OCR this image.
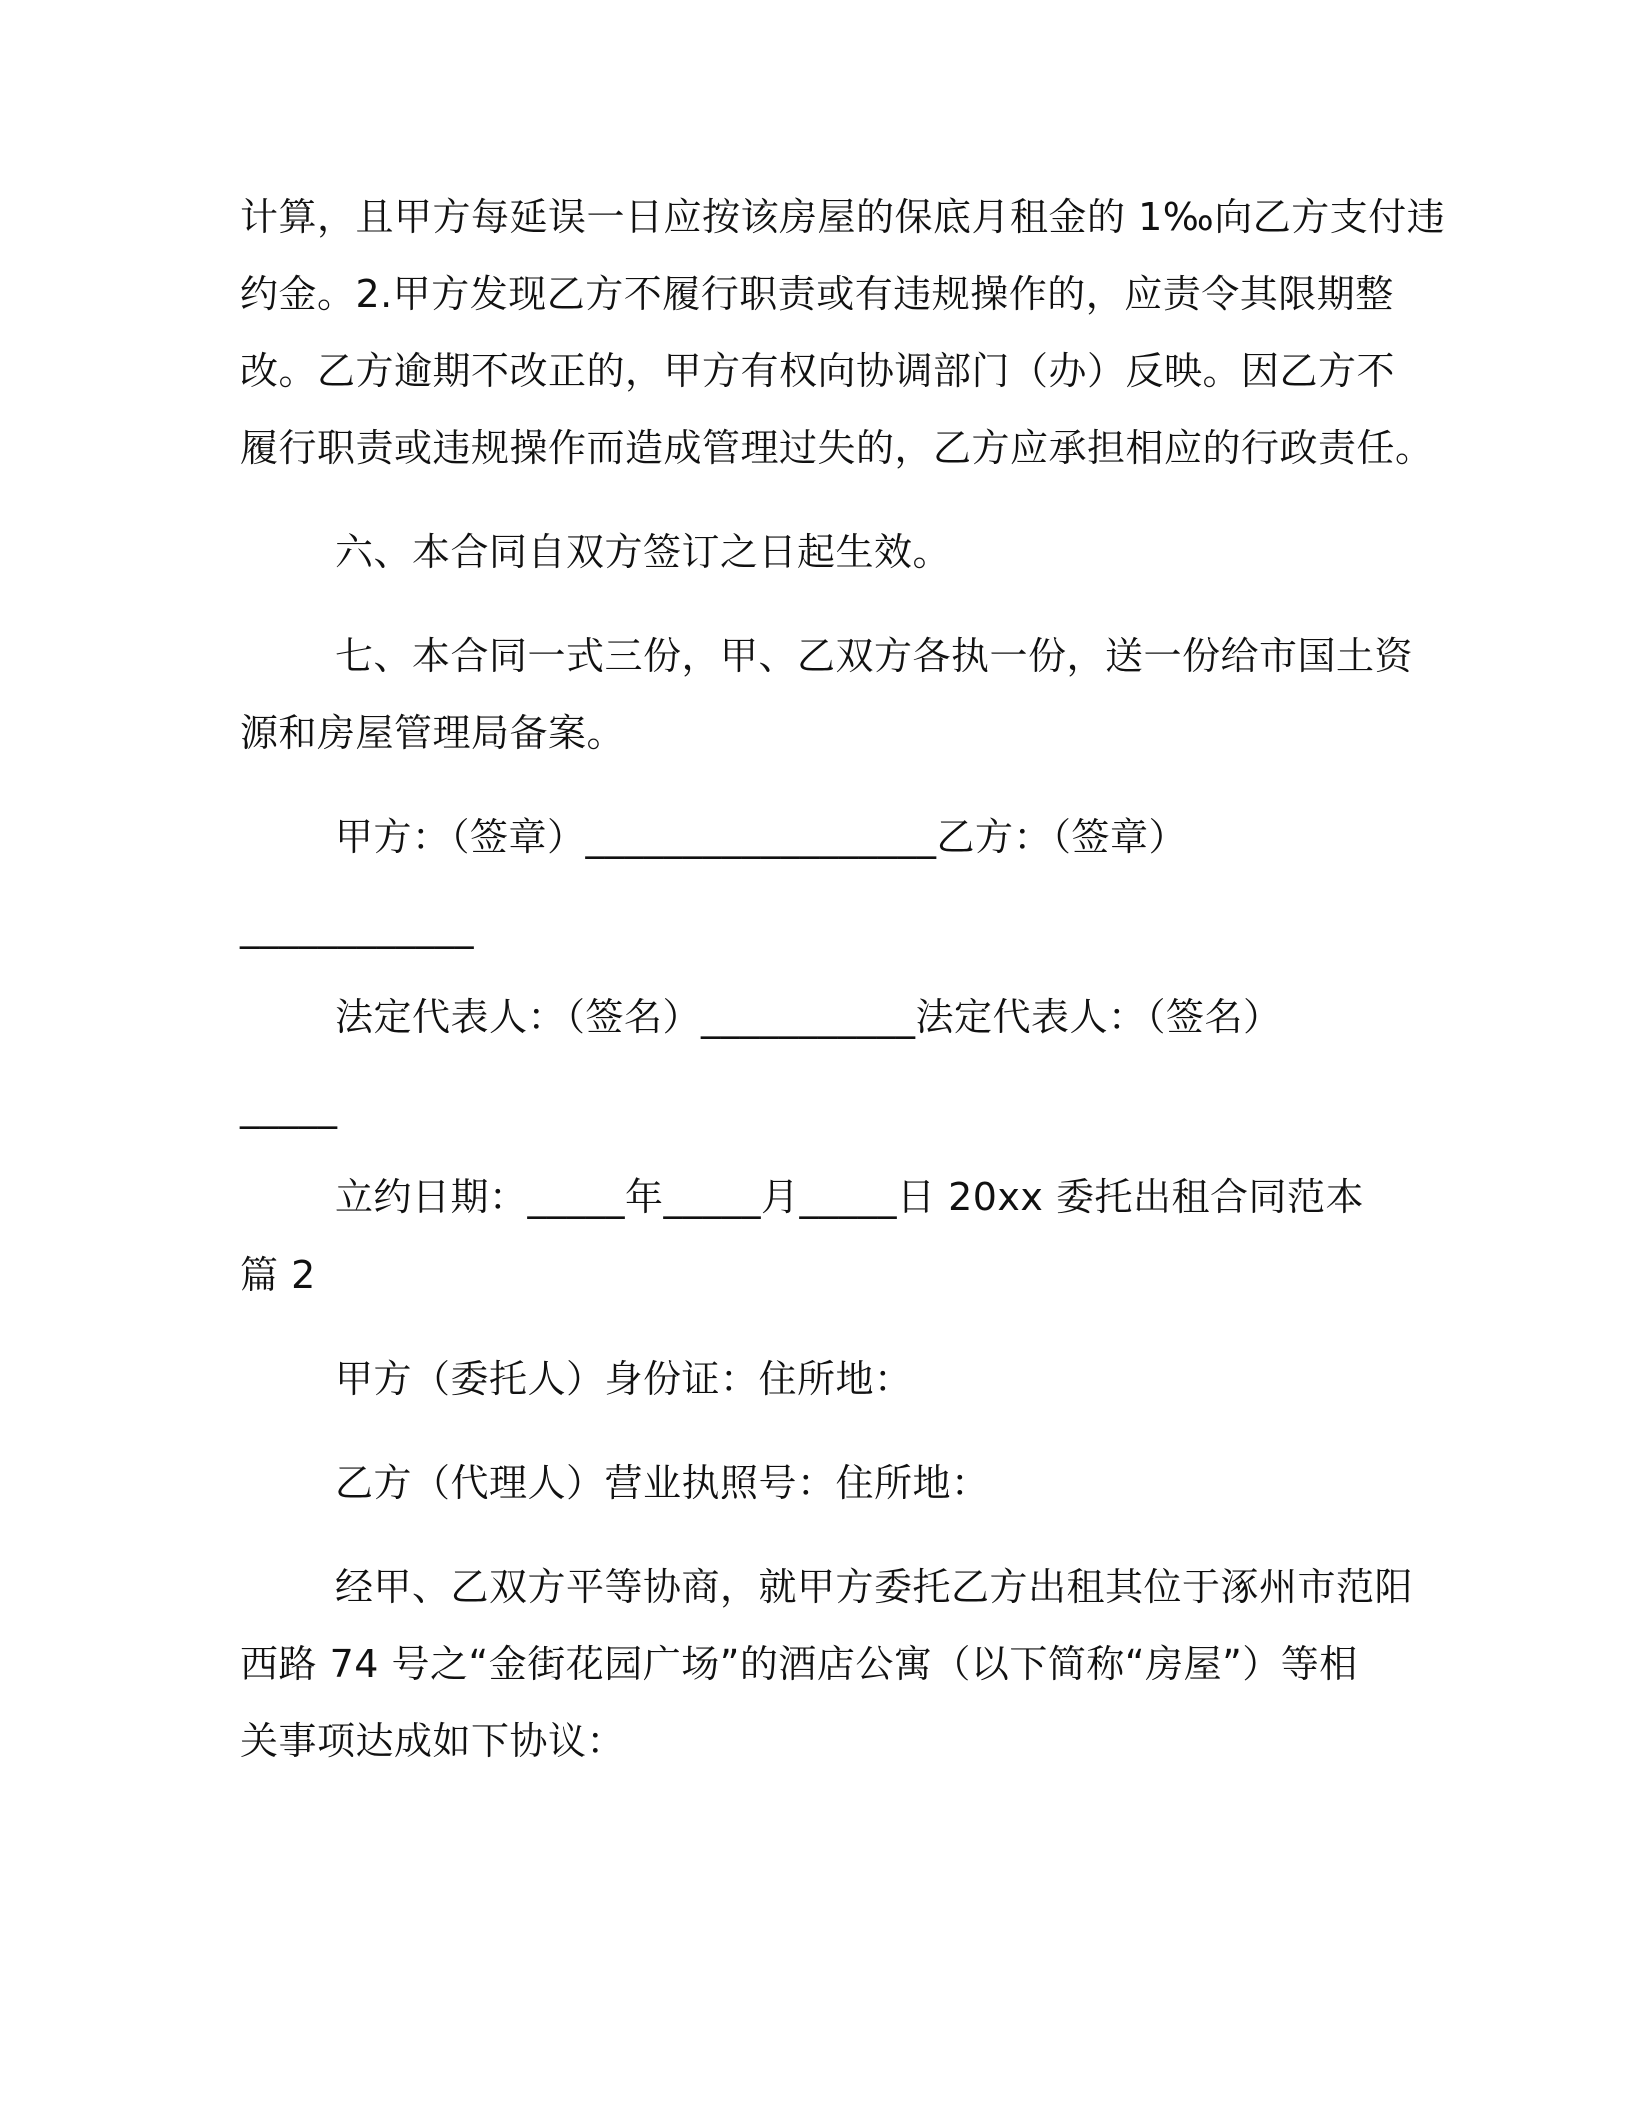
计算，且甲方每延误一日应按该房屋的保底月租金的 1‰向乙方支付违
约金。2.甲方发现乙方不履行职责或有违规操作的，应责令其限期整
改。乙方逾期不改正的，甲方有权向协调部门（办）反映。因乙方不
履行职责或违规操作而造成管理过失的，乙方应承担相应的行政责任。
六、本合同自双方签订之日起生效。
七、本合同一式三份，甲、乙双方各执一份，送一份给市国土资
源和房屋管理局备案。
甲方：（签章）__________________乙方：（签章）
____________
法定代表人：（签名）___________法定代表人：（签名）
_____
立约日期：_____年_____月_____日 20xx 委托出租合同范本
篇 2
甲方（委托人）身份证：住所地：
乙方（代理人）营业执照号：住所地：
经甲、乙双方平等协商，就甲方委托乙方出租其位于涿州市范阳
西路 74 号之“金街花园广场”的酒店公寓（以下简称“房屋”）等相
关事项达成如下协议：
